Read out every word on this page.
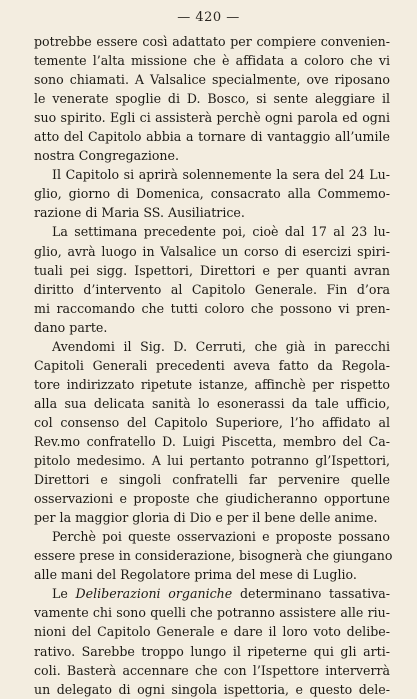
— 420 —

potrebbe essere così adattato per compiere convenien-
temente l’alta missione che è affidata a coloro che vi
sono chiamati. A Valsalice specialmente, ove riposano
le venerate spoglie di D. Bosco, si sente aleggiare il
suo spirito. Egli ci assisterà perchè ogni parola ed ogni
atto del Capitolo abbia a tornare di vantaggio all’umile
nostra Congregazione.

Il Capitolo si aprirà solennemente la sera del 24 Lu-
glio, giorno di Domenica, consacrato alla Commemo-
razione di Maria SS. Ausiliatrice.

La settimana precedente poi, cioè dal 17 al 23 lu-
glio, avrà luogo in Valsalice un corso di esercizi spiri-
tuali pei sigg. Ispettori, Direttori e per quanti avran
diritto d’intervento al Capitolo Generale. Fin d’ora
mi raccomando che tutti coloro che possono vi pren-
dano parte.

Avendomi il Sig. D. Cerruti, che già in parecchi
Capitoli Generali precedenti aveva fatto da Regola-
tore indirizzato ripetute istanze, affinchè per rispetto
alla sua delicata sanità lo esonerassi da tale ufficio,
col consenso del Capitolo Superiore, l’ho affidato al
Rev.mo confratello D. Luigi Piscetta, membro del Ca-
pitolo medesimo. A lui pertanto potranno gl’Ispettori,
Direttori e singoli confratelli far pervenire quelle
osservazioni e proposte che giudicheranno opportune
per la maggior gloria di Dio e per il bene delle anime.

Perchè poi queste osservazioni e proposte possano
essere prese in considerazione, bisognerà che giungano
alle mani del Regolatore prima del mese di Luglio.

Le Deliberazioni organiche determinano tassativa-
vamente chi sono quelli che potranno assistere alle riu-
nioni del Capitolo Generale e dare il loro voto delibe-
rativo. Sarebbe troppo lungo il ripeterne qui gli arti-
coli. Basterà accennare che con l’Ispettore interverrà
un delegato di ogni singola ispettoria, e questo dele-
